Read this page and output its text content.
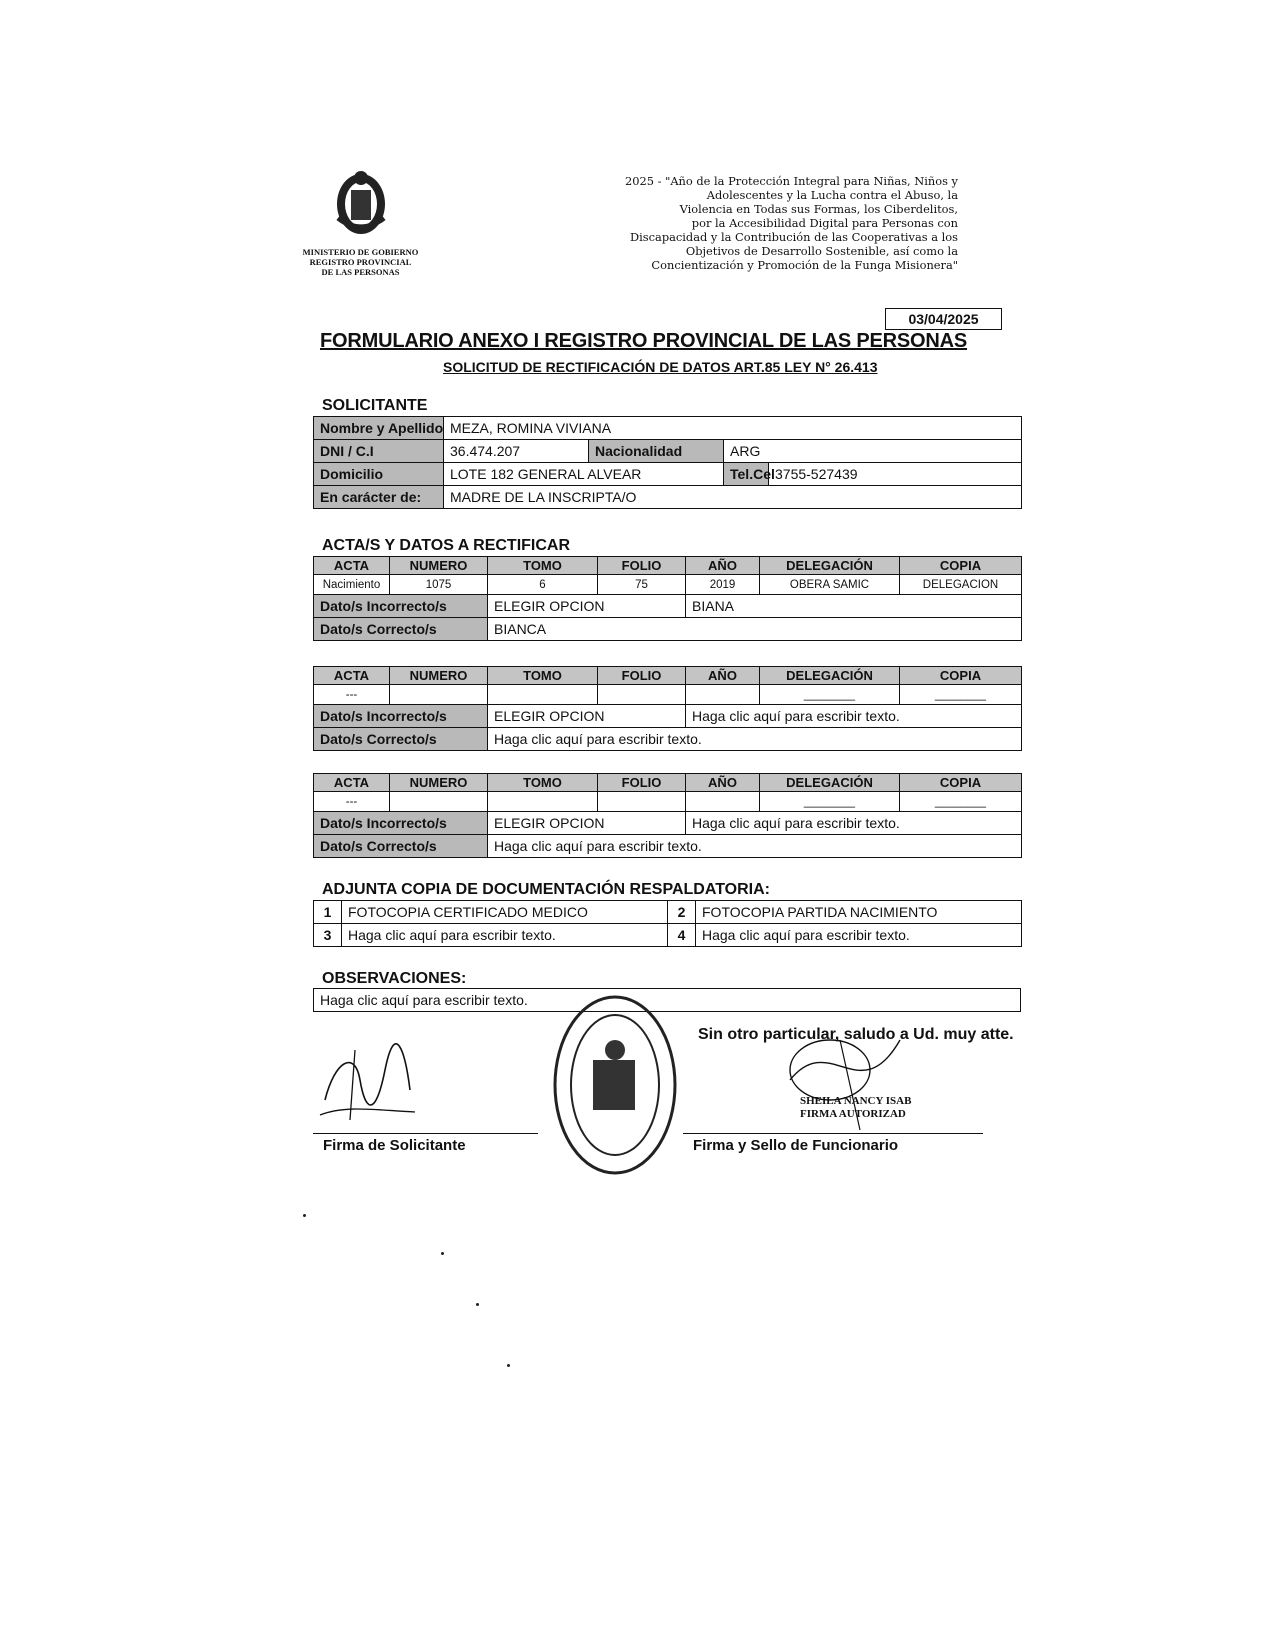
MINISTERIO DE GOBIERNO
REGISTRO PROVINCIAL
DE LAS PERSONAS
2025 - "Año de la Protección Integral para Niñas, Niños y
Adolescentes y la Lucha contra el Abuso, la
Violencia en Todas sus Formas, los Ciberdelitos,
por la Accesibilidad Digital para Personas con
Discapacidad y la Contribución de las Cooperativas a los
Objetivos de Desarrollo Sostenible, así como la
Concientización y Promoción de la Funga Misionera"
03/04/2025
FORMULARIO ANEXO I REGISTRO PROVINCIAL DE LAS PERSONAS
SOLICITUD DE RECTIFICACIÓN DE DATOS ART.85 LEY N° 26.413
SOLICITANTE
Nombre y Apellido	MEZA, ROMINA VIVIANA			
DNI / C.I	36.474.207	Nacionalidad	ARG	
Domicilio	LOTE 182 GENERAL ALVEAR		Tel.Cel	3755-527439
En carácter de:	MADRE DE LA INSCRIPTA/O			
ACTA/S Y DATOS A RECTIFICAR
ACTA	NUMERO	TOMO	FOLIO	AÑO	DELEGACIÓN	COPIA
Nacimiento	1075	6	75	2019	OBERA SAMIC	DELEGACION
Dato/s Incorrecto/s		ELEGIR OPCION		BIANA		
Dato/s Correcto/s		BIANCA				
ACTA	NUMERO	TOMO	FOLIO	AÑO	DELEGACIÓN	COPIA
---					________	________
Dato/s Incorrecto/s		ELEGIR OPCION		Haga clic aquí para escribir texto.		
Dato/s Correcto/s		Haga clic aquí para escribir texto.				
ACTA	NUMERO	TOMO	FOLIO	AÑO	DELEGACIÓN	COPIA
---					________	________
Dato/s Incorrecto/s		ELEGIR OPCION		Haga clic aquí para escribir texto.		
Dato/s Correcto/s		Haga clic aquí para escribir texto.				
ADJUNTA COPIA DE DOCUMENTACIÓN RESPALDATORIA:
1	FOTOCOPIA CERTIFICADO MEDICO	2	FOTOCOPIA PARTIDA NACIMIENTO
3	Haga clic aquí para escribir texto.	4	Haga clic aquí para escribir texto.
OBSERVACIONES:
Haga clic aquí para escribir texto.
Sin otro particular, saludo a Ud. muy atte.
SHEILA NANCY ISAB
FIRMA AUTORIZAD
Firma de Solicitante	Firma y Sello de Funcionario
